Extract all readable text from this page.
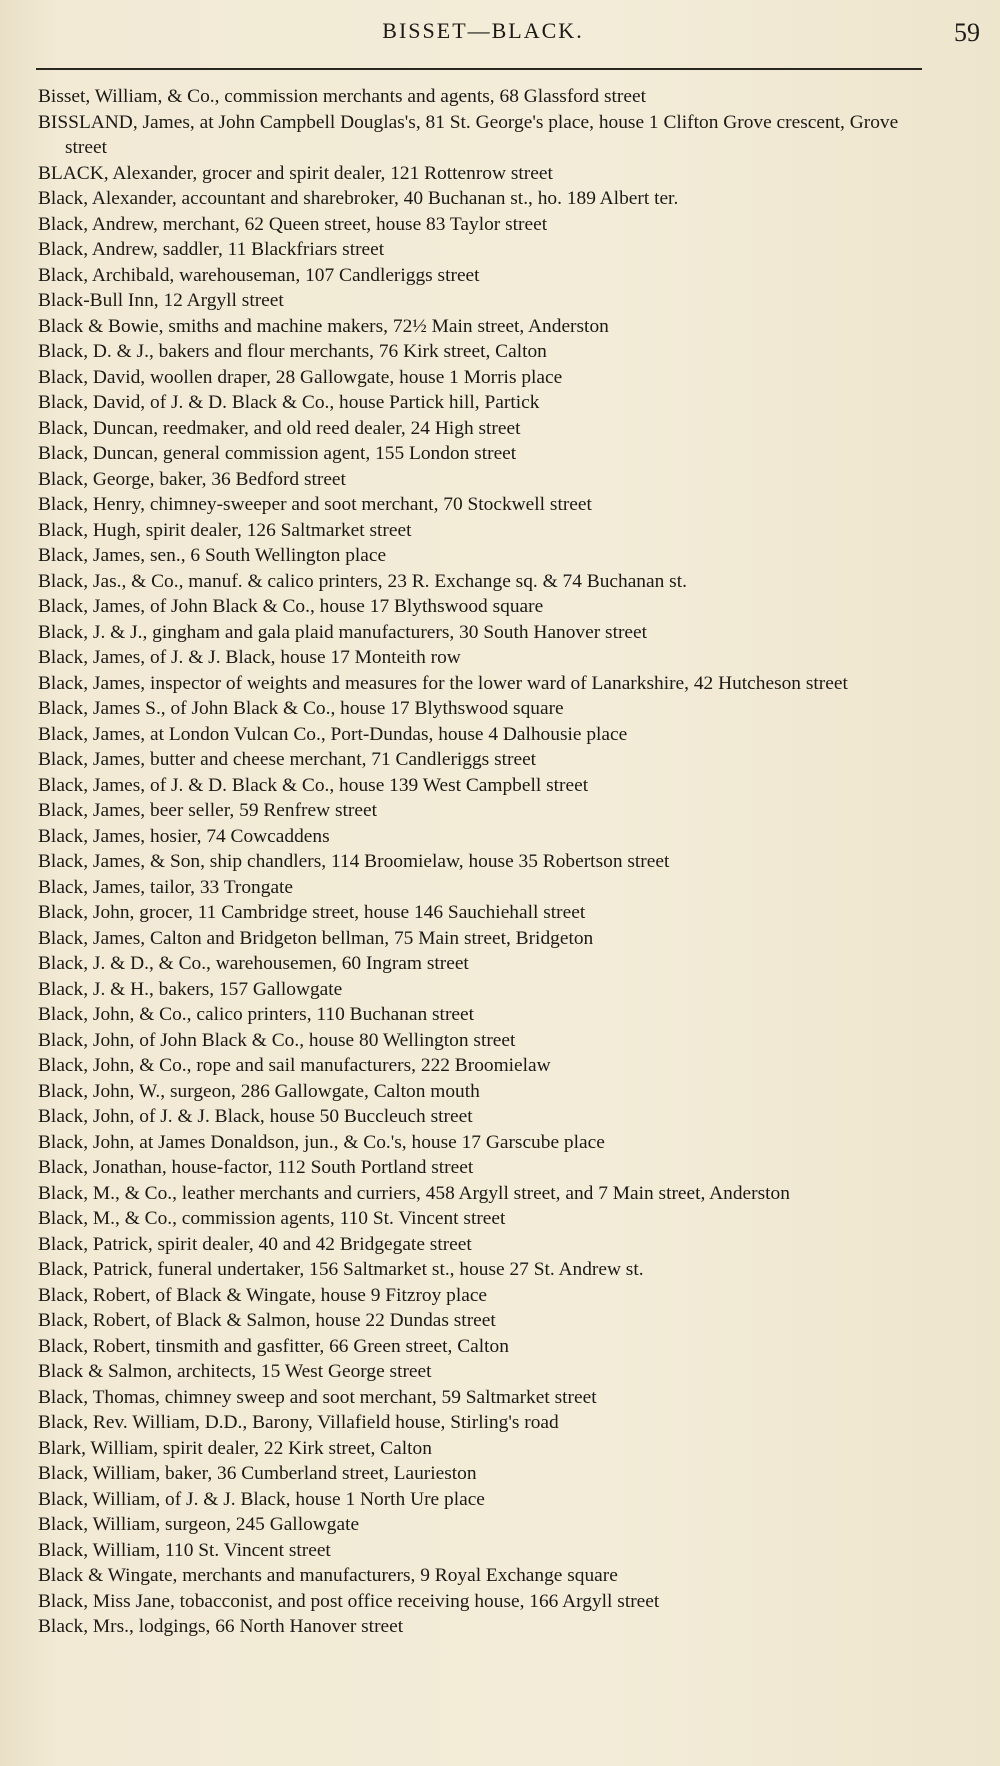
BISSET—BLACK.	59
Bisset, William, & Co., commission merchants and agents, 68 Glassford street
BISSLAND, James, at John Campbell Douglas's, 81 St. George's place, house 1 Clifton Grove crescent, Grove street
BLACK, Alexander, grocer and spirit dealer, 121 Rottenrow street
Black, Alexander, accountant and sharebroker, 40 Buchanan st., ho. 189 Albert ter.
Black, Andrew, merchant, 62 Queen street, house 83 Taylor street
Black, Andrew, saddler, 11 Blackfriars street
Black, Archibald, warehouseman, 107 Candleriggs street
Black-Bull Inn, 12 Argyll street
Black & Bowie, smiths and machine makers, 72½ Main street, Anderston
Black, D. & J., bakers and flour merchants, 76 Kirk street, Calton
Black, David, woollen draper, 28 Gallowgate, house 1 Morris place
Black, David, of J. & D. Black & Co., house Partick hill, Partick
Black, Duncan, reedmaker, and old reed dealer, 24 High street
Black, Duncan, general commission agent, 155 London street
Black, George, baker, 36 Bedford street
Black, Henry, chimney-sweeper and soot merchant, 70 Stockwell street
Black, Hugh, spirit dealer, 126 Saltmarket street
Black, James, sen., 6 South Wellington place
Black, Jas., & Co., manuf. & calico printers, 23 R. Exchange sq. & 74 Buchanan st.
Black, James, of John Black & Co., house 17 Blythswood square
Black, J. & J., gingham and gala plaid manufacturers, 30 South Hanover street
Black, James, of J. & J. Black, house 17 Monteith row
Black, James, inspector of weights and measures for the lower ward of Lanarkshire, 42 Hutcheson street
Black, James S., of John Black & Co., house 17 Blythswood square
Black, James, at London Vulcan Co., Port-Dundas, house 4 Dalhousie place
Black, James, butter and cheese merchant, 71 Candleriggs street
Black, James, of J. & D. Black & Co., house 139 West Campbell street
Black, James, beer seller, 59 Renfrew street
Black, James, hosier, 74 Cowcaddens
Black, James, & Son, ship chandlers, 114 Broomielaw, house 35 Robertson street
Black, James, tailor, 33 Trongate
Black, John, grocer, 11 Cambridge street, house 146 Sauchiehall street
Black, James, Calton and Bridgeton bellman, 75 Main street, Bridgeton
Black, J. & D., & Co., warehousemen, 60 Ingram street
Black, J. & H., bakers, 157 Gallowgate
Black, John, & Co., calico printers, 110 Buchanan street
Black, John, of John Black & Co., house 80 Wellington street
Black, John, & Co., rope and sail manufacturers, 222 Broomielaw
Black, John, W., surgeon, 286 Gallowgate, Calton mouth
Black, John, of J. & J. Black, house 50 Buccleuch street
Black, John, at James Donaldson, jun., & Co.'s, house 17 Garscube place
Black, Jonathan, house-factor, 112 South Portland street
Black, M., & Co., leather merchants and curriers, 458 Argyll street, and 7 Main street, Anderston
Black, M., & Co., commission agents, 110 St. Vincent street
Black, Patrick, spirit dealer, 40 and 42 Bridgegate street
Black, Patrick, funeral undertaker, 156 Saltmarket st., house 27 St. Andrew st.
Black, Robert, of Black & Wingate, house 9 Fitzroy place
Black, Robert, of Black & Salmon, house 22 Dundas street
Black, Robert, tinsmith and gasfitter, 66 Green street, Calton
Black & Salmon, architects, 15 West George street
Black, Thomas, chimney sweep and soot merchant, 59 Saltmarket street
Black, Rev. William, D.D., Barony, Villafield house, Stirling's road
Blark, William, spirit dealer, 22 Kirk street, Calton
Black, William, baker, 36 Cumberland street, Laurieston
Black, William, of J. & J. Black, house 1 North Ure place
Black, William, surgeon, 245 Gallowgate
Black, William, 110 St. Vincent street
Black & Wingate, merchants and manufacturers, 9 Royal Exchange square
Black, Miss Jane, tobacconist, and post office receiving house, 166 Argyll street
Black, Mrs., lodgings, 66 North Hanover street
